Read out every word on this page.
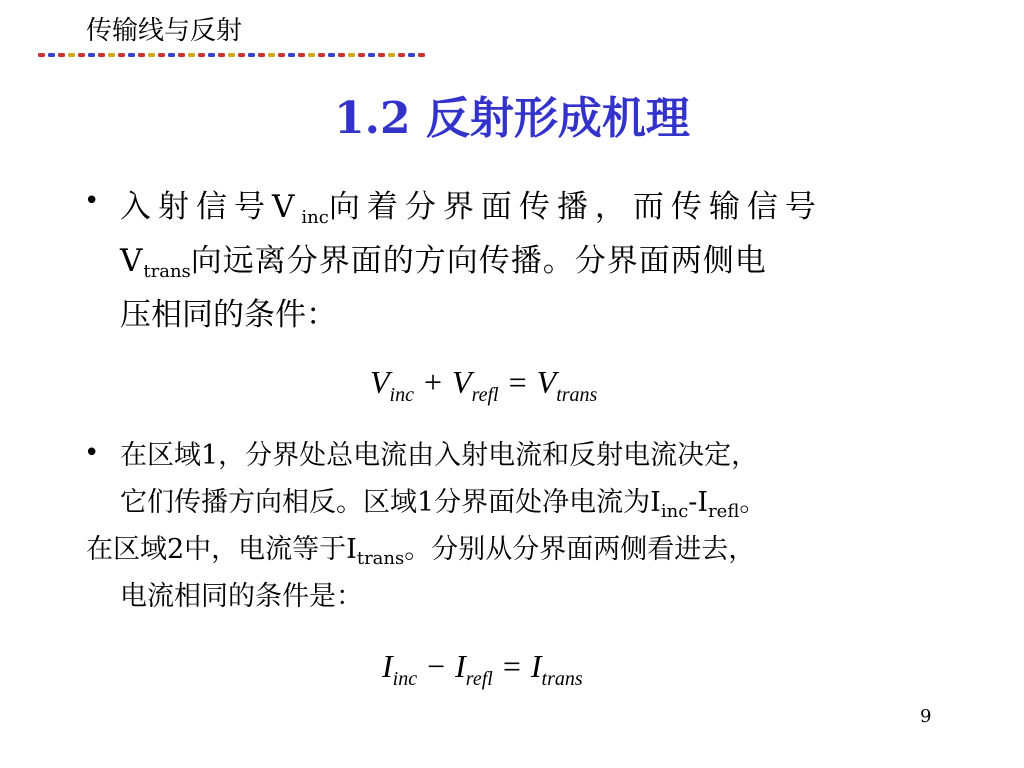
传输线与反射
1.2 反射形成机理
• 入射信号$V_{inc}$向着分界面传播，而传输信号
$V_{trans}$向远离分界面的方向传播。分界面两侧电
压相同的条件：
$V_{inc} + V_{refl} = V_{trans}$
• 在区域1，分界处总电流由入射电流和反射电流决定，
它们传播方向相反。区域1分界面处净电流为$I_{inc}-I_{refl}$。
在区域2中，电流等于$I_{trans}$。分别从分界面两侧看进去，
电流相同的条件是：
$I_{inc} - I_{refl} = I_{trans}$
9
